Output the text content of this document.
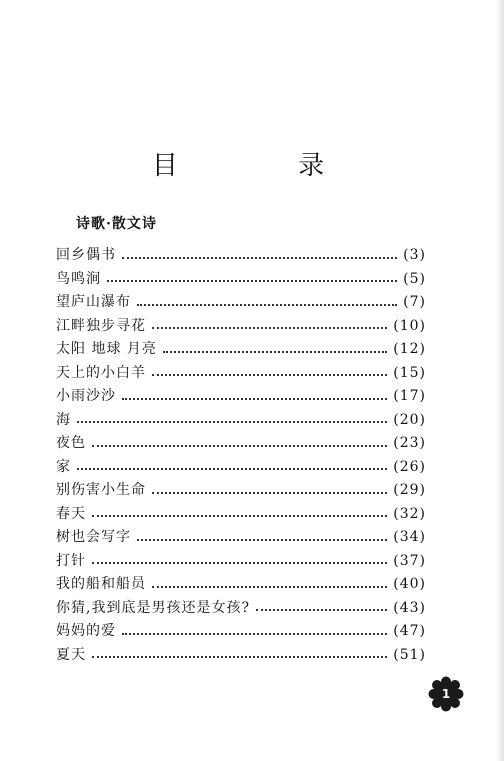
目 录
诗歌·散文诗
回乡偶书	(3)
鸟鸣涧	(5)
望庐山瀑布	(7)
江畔独步寻花	(10)
太阳 地球 月亮	(12)
天上的小白羊	(15)
小雨沙沙	(17)
海	(20)
夜色	(23)
家	(26)
别伤害小生命	(29)
春天	(32)
树也会写字	(34)
打针	(37)
我的船和船员	(40)
你猜,我到底是男孩还是女孩?	(43)
妈妈的爱	(47)
夏天	(51)
1
